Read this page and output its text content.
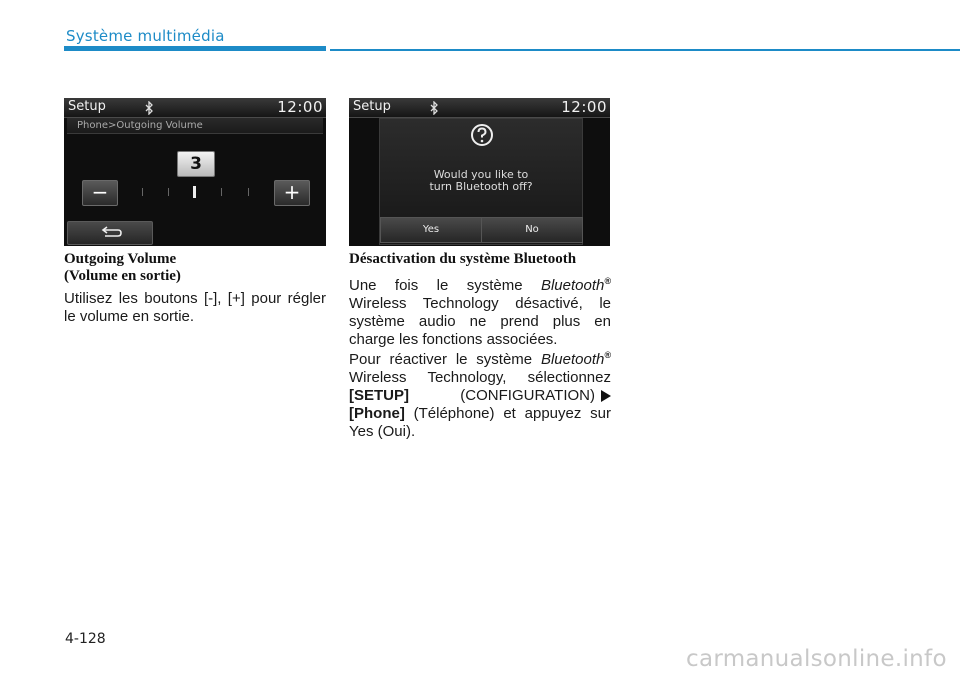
Système multimédia
Setup	12:00
Phone>Outgoing Volume
3
−	+
Setup	12:00
Would you like to
turn Bluetooth off?
Yes	No
Outgoing Volume
(Volume en sortie)
Utilisez les boutons [-], [+] pour régler le volume en sortie.
Désactivation du système Bluetooth
Une fois le système Bluetooth® Wireless Technology désactivé, le système audio ne prend plus en charge les fonctions associées.
Pour réactiver le système Bluetooth® Wireless Technology, sélectionnez [SETUP] (CONFIGURATION) [Phone] (Téléphone) et appuyez sur Yes (Oui).
4-128
carmanualsonline.info
